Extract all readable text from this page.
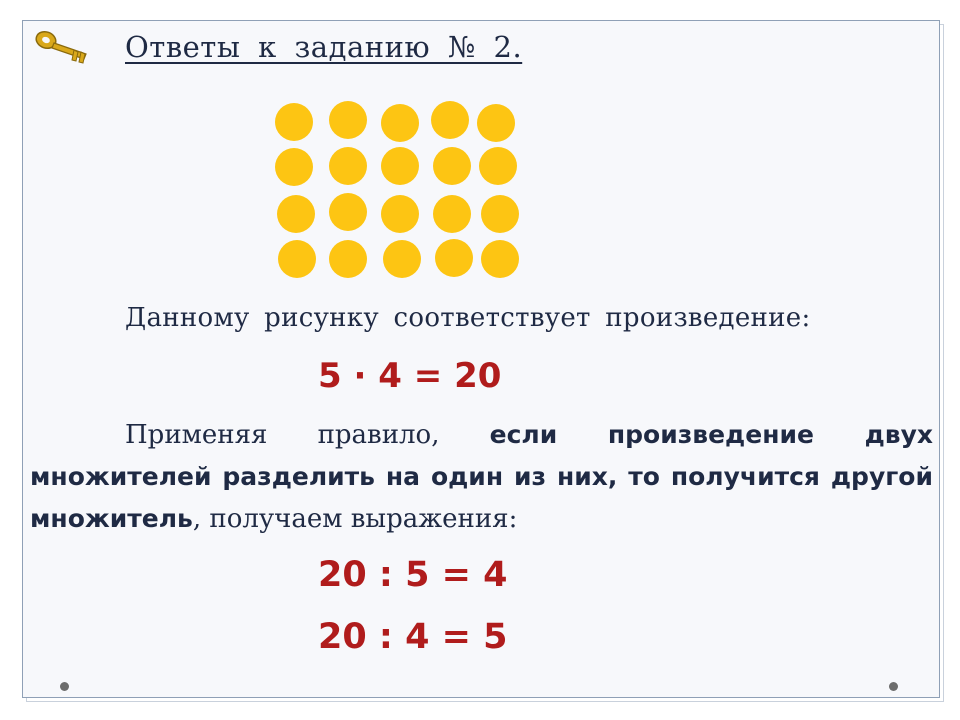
Ответы к заданию № 2.
Данному рисунку соответствует произведение:
5 · 4 = 20
Применяя правило, если произведение двух множителей разделить на один из них, то получится другой множитель, получаем выражения:
20 : 5 = 4
20 : 4 = 5
